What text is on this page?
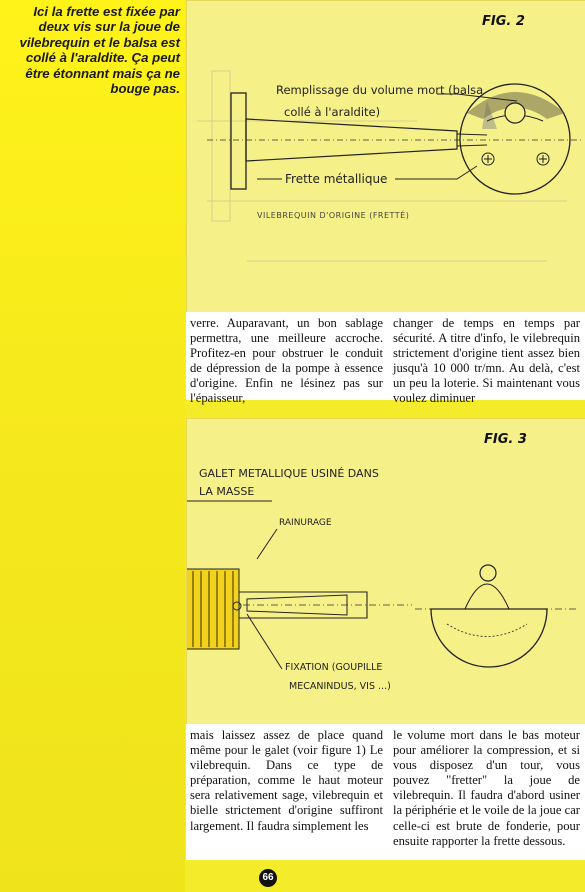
Ici la frette est fixée par deux vis sur la joue de vilebrequin et le balsa est collé à l'araldite. Ça peut être étonnant mais ça ne bouge pas.	Remplissage du volume mort (balsa
collé à l'araldite)
Frette métallique
VILEBREQUIN D'ORIGINE (FRETTÉ)
FIG. 2
verre. Auparavant, un bon sablage permettra, une meilleure accroche. Profitez-en pour obstruer le conduit de dépression de la pompe à essence d'origine. Enfin ne lésinez pas sur l'épaisseur,
changer de temps en temps par sécurité. A titre d'info, le vilebrequin strictement d'origine tient assez bien jusqu'à 10 000 tr/mn. Au delà, c'est un peu la loterie. Si maintenant vous voulez diminuer
FIG. 3
GALET METALLIQUE USINÉ DANS
LA MASSE
RAINURAGE
FIXATION (GOUPILLE
MECANINDUS, VIS ...)
mais laissez assez de place quand même pour le galet (voir figure 1) Le vilebrequin. Dans ce type de préparation, comme le haut moteur sera relativement sage, vilebrequin et bielle strictement d'origine suffiront largement. Il faudra simplement les
le volume mort dans le bas moteur pour améliorer la compression, et si vous disposez d'un tour, vous pouvez "fretter" la joue de vilebrequin. Il faudra d'abord usiner la périphérie et le voile de la joue car celle-ci est brute de fonderie, pour ensuite rapporter la frette dessous.
66
